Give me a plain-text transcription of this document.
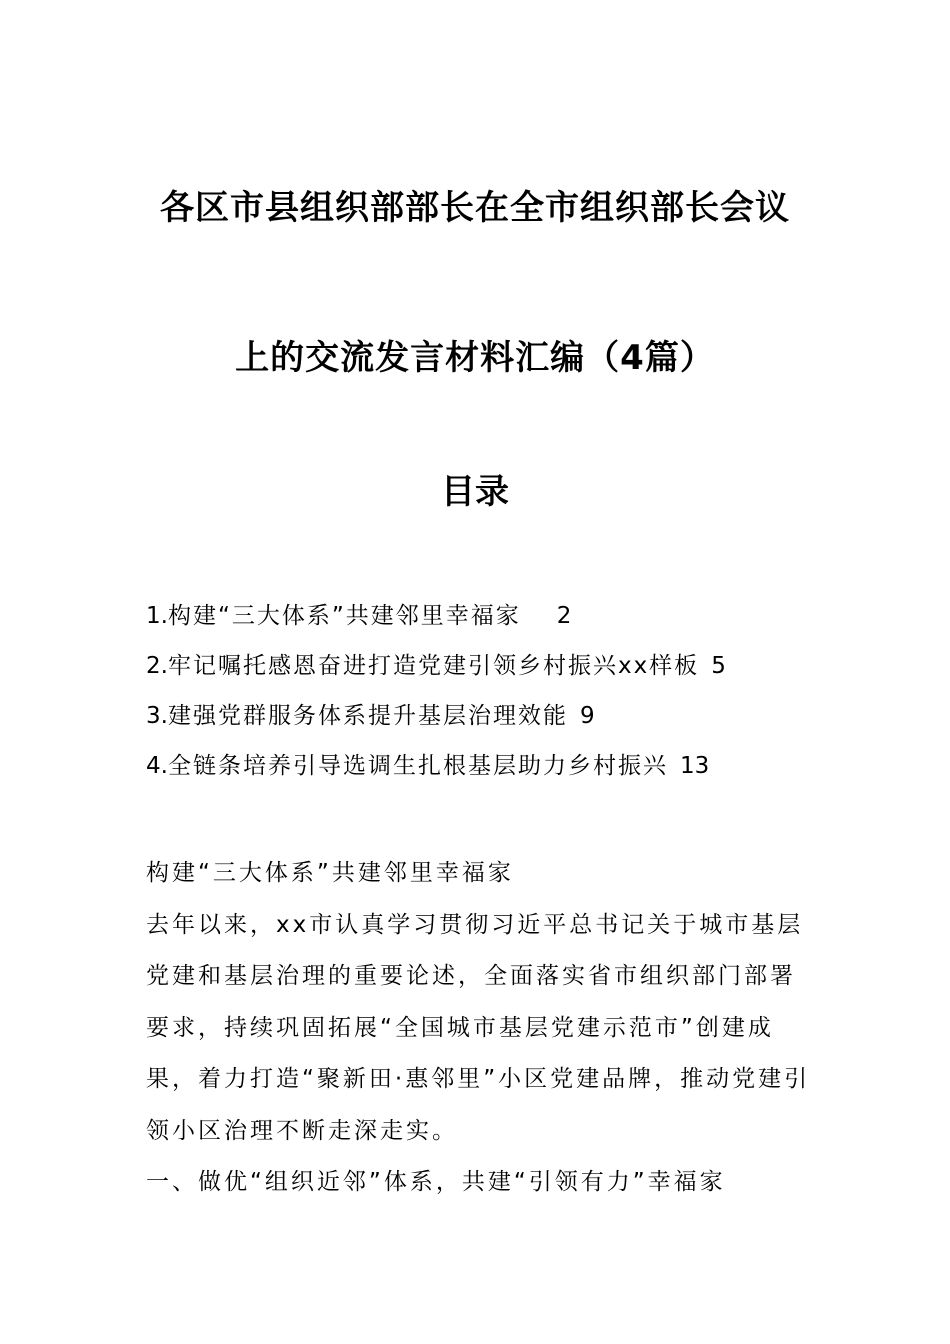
各区市县组织部部长在全市组织部长会议
上的交流发言材料汇编（4篇）
目录
1.构建“三大体系”共建邻里幸福家 2
2.牢记嘱托感恩奋进打造党建引领乡村振兴xx样板 5
3.建强党群服务体系提升基层治理效能 9
4.全链条培养引导选调生扎根基层助力乡村振兴 13

构建“三大体系”共建邻里幸福家

去年以来，xx市认真学习贯彻习近平总书记关于城市基层党建和基层治理的重要论述，全面落实省市组织部门部署要求，持续巩固拓展“全国城市基层党建示范市”创建成果，着力打造“聚新田·惠邻里”小区党建品牌，推动党建引领小区治理不断走深走实。

一、做优“组织近邻”体系，共建“引领有力”幸福家
